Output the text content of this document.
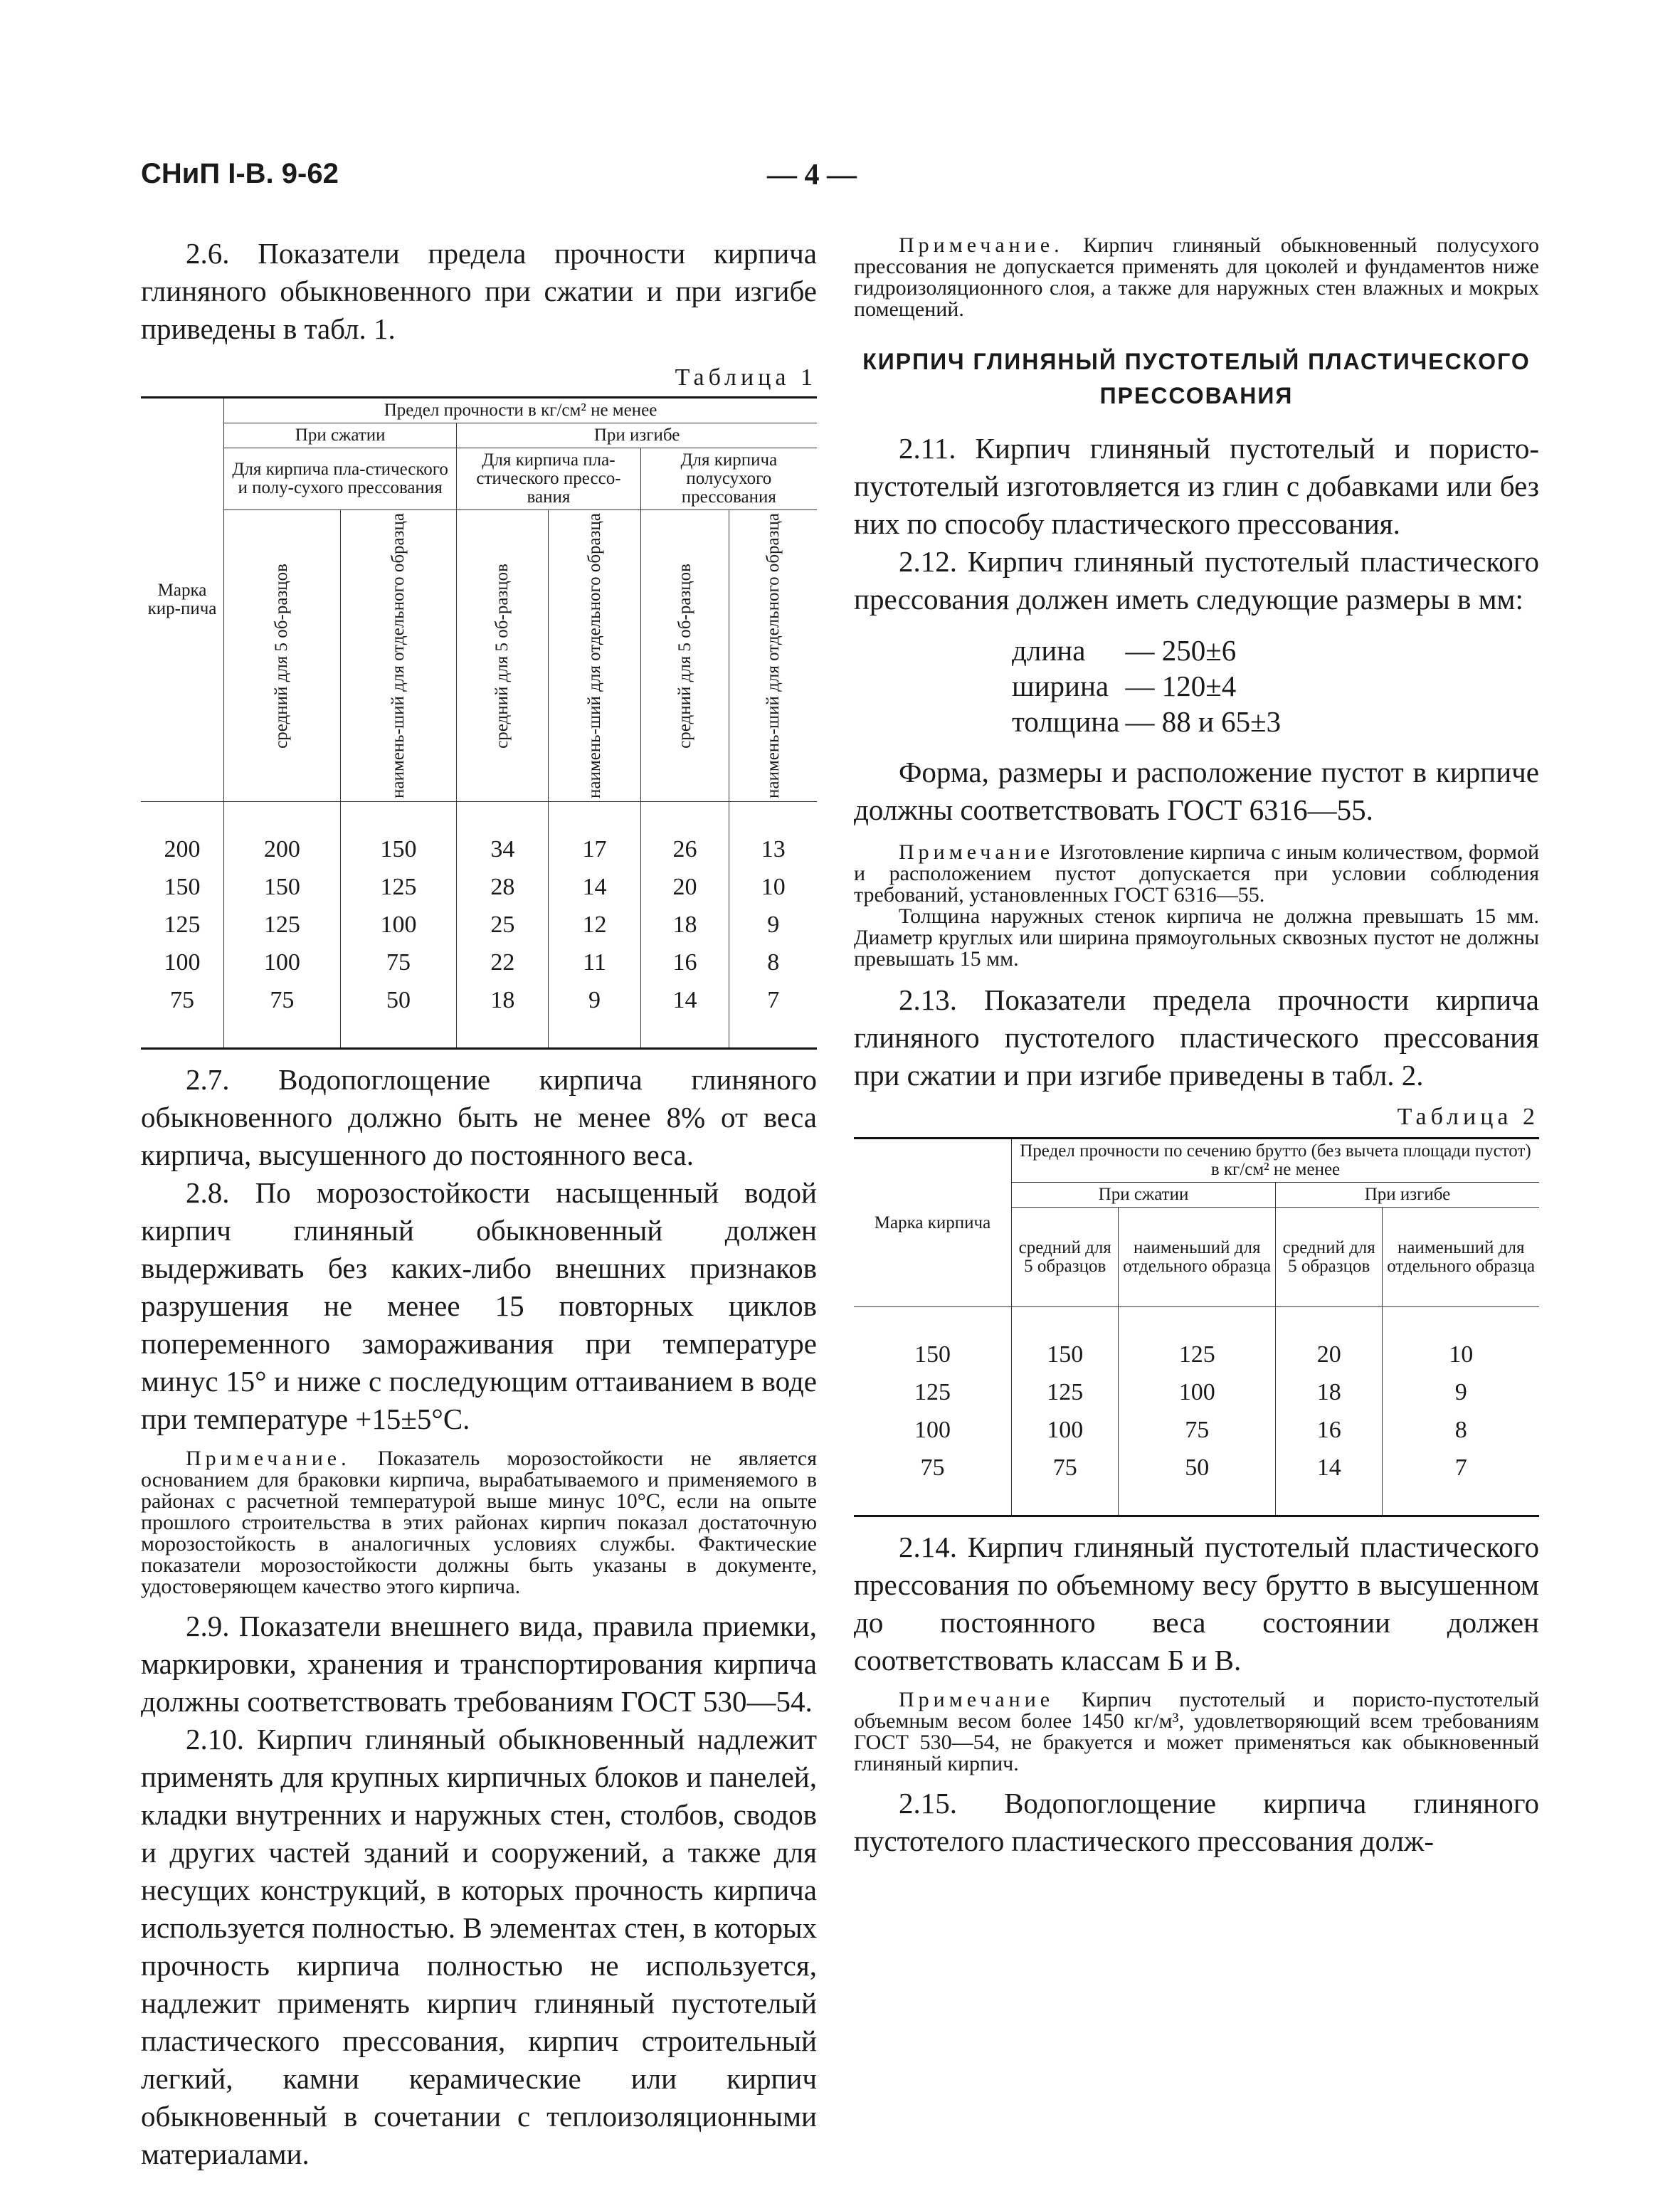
СНиП I-В. 9-62	— 4 —

2.6. Показатели предела прочности кирпича глиняного обыкновенного при сжатии и при изгибе приведены в табл. 1.

Таблица 1
Марка кир-пича	Предел прочности в кг/см² не менее					
	При сжатии		При изгибе			
	Для кирпича пла-стического и полу-сухого прессования		Для кирпича пла-стического прессо-вания		Для кирпича полусухого прессования	

	средний для 5 об-разцов	наимень-ший для отдельного образца	средний для 5 об-разцов	наимень-ший для отдельного образца	средний для 5 об-разцов	наимень-ший для отдельного образца

200	200	150	34	17	26	13
150	150	125	28	14	20	10
125	125	100	25	12	18	9
100	100	75	22	11	16	8
75	75	50	18	9	14	7

2.7. Водопоглощение кирпича глиняного обыкновенного должно быть не менее 8% от веса кирпича, высушенного до постоянного веса.

2.8. По морозостойкости насыщенный водой кирпич глиняный обыкновенный должен выдерживать без каких-либо внешних признаков разрушения не менее 15 повторных циклов попеременного замораживания при температуре минус 15° и ниже с последующим оттаиванием в воде при температуре +15±5°С.

Примечание. Показатель морозостойкости не является основанием для браковки кирпича, вырабатываемого и применяемого в районах с расчетной температурой выше минус 10°С, если на опыте прошлого строительства в этих районах кирпич показал достаточную морозостойкость в аналогичных условиях службы. Фактические показатели морозостойкости должны быть указаны в документе, удостоверяющем качество этого кирпича.

2.9. Показатели внешнего вида, правила приемки, маркировки, хранения и транспортирования кирпича должны соответствовать требованиям ГОСТ 530—54.

2.10. Кирпич глиняный обыкновенный надлежит применять для крупных кирпичных блоков и панелей, кладки внутренних и наружных стен, столбов, сводов и других частей зданий и сооружений, а также для несущих конструкций, в которых прочность кирпича используется полностью. В элементах стен, в которых прочность кирпича полностью не используется, надлежит применять кирпич глиняный пустотелый пластического прессования, кирпич строительный легкий, камни керамические или кирпич обыкновенный в сочетании с теплоизоляционными материалами.

Примечание. Кирпич глиняный обыкновенный полусухого прессования не допускается применять для цоколей и фундаментов ниже гидроизоляционного слоя, а также для наружных стен влажных и мокрых помещений.

КИРПИЧ ГЛИНЯНЫЙ ПУСТОТЕЛЫЙ ПЛАСТИЧЕСКОГО ПРЕССОВАНИЯ

2.11. Кирпич глиняный пустотелый и пористо-пустотелый изготовляется из глин с добавками или без них по способу пластического прессования.

2.12. Кирпич глиняный пустотелый пластического прессования должен иметь следующие размеры в мм:

длина	— 250±6
ширина	— 120±4
толщина	— 88 и 65±3

Форма, размеры и расположение пустот в кирпиче должны соответствовать ГОСТ 6316—55.

Примечание Изготовление кирпича с иным количеством, формой и расположением пустот допускается при условии соблюдения требований, установленных ГОСТ 6316—55.

Толщина наружных стенок кирпича не должна превышать 15 мм. Диаметр круглых или ширина прямоугольных сквозных пустот не должны превышать 15 мм.

2.13. Показатели предела прочности кирпича глиняного пустотелого пластического прессования при сжатии и при изгибе приведены в табл. 2.

Таблица 2
Марка кирпича	Предел прочности по сечению брутто (без вычета площади пустот) в кг/см² не менее			
	При сжатии		При изгибе	
	средний для 5 образцов	наименьший для отдельного образца	средний для 5 образцов	наименьший для отдельного образца
150	150	125	20	10
125	125	100	18	9
100	100	75	16	8
75	75	50	14	7

2.14. Кирпич глиняный пустотелый пластического прессования по объемному весу брутто в высушенном до постоянного веса состоянии должен соответствовать классам Б и В.

Примечание Кирпич пустотелый и пористо-пустотелый объемным весом более 1450 кг/м³, удовлетворяющий всем требованиям ГОСТ 530—54, не бракуется и может применяться как обыкновенный глиняный кирпич.

2.15. Водопоглощение кирпича глиняного пустотелого пластического прессования долж-
